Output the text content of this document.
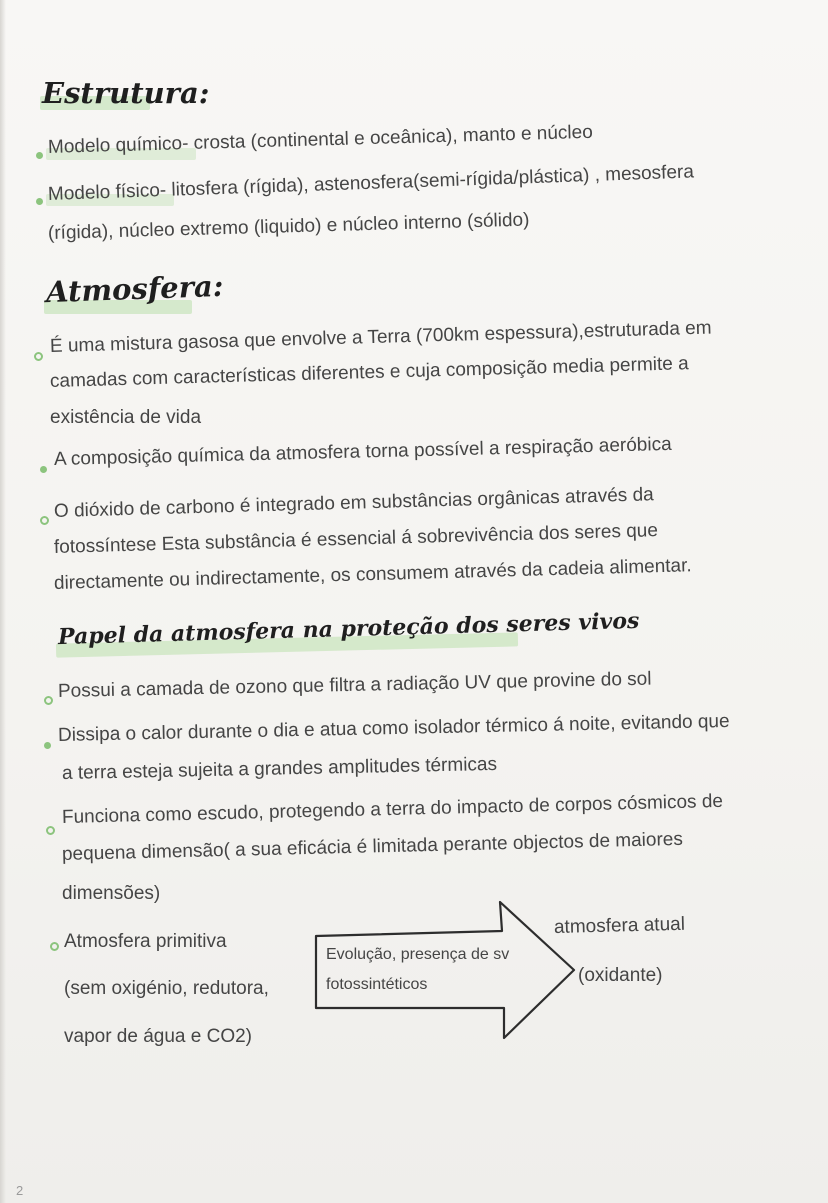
Estrutura:
Modelo químico- crosta (continental e oceânica), manto e núcleo
Modelo físico- litosfera (rígida), astenosfera(semi-rígida/plástica) , mesosfera
(rígida), núcleo extremo (liquido) e núcleo interno (sólido)
Atmosfera:
É uma mistura gasosa que envolve a Terra (700km espessura),estruturada em
camadas com características diferentes e cuja composição media permite a
existência de vida
A composição química da atmosfera torna possível a respiração aeróbica
O dióxido de carbono é integrado em substâncias orgânicas através da
fotossíntese Esta substância é essencial á sobrevivência dos seres que
directamente ou indirectamente, os consumem através da cadeia alimentar.
Papel da atmosfera na proteção dos seres vivos
Possui a camada de ozono que filtra a radiação UV que provine do sol
Dissipa o calor durante o dia e atua como isolador térmico á noite, evitando que
a terra esteja sujeita a grandes amplitudes térmicas
Funciona como escudo, protegendo a terra do impacto de corpos cósmicos de
pequena dimensão( a sua eficácia é limitada perante objectos de maiores
dimensões)
Atmosfera primitiva
(sem oxigénio, redutora,
vapor de água e CO2)
Evolução, presença de sv
fotossintéticos
atmosfera atual
(oxidante)
2
